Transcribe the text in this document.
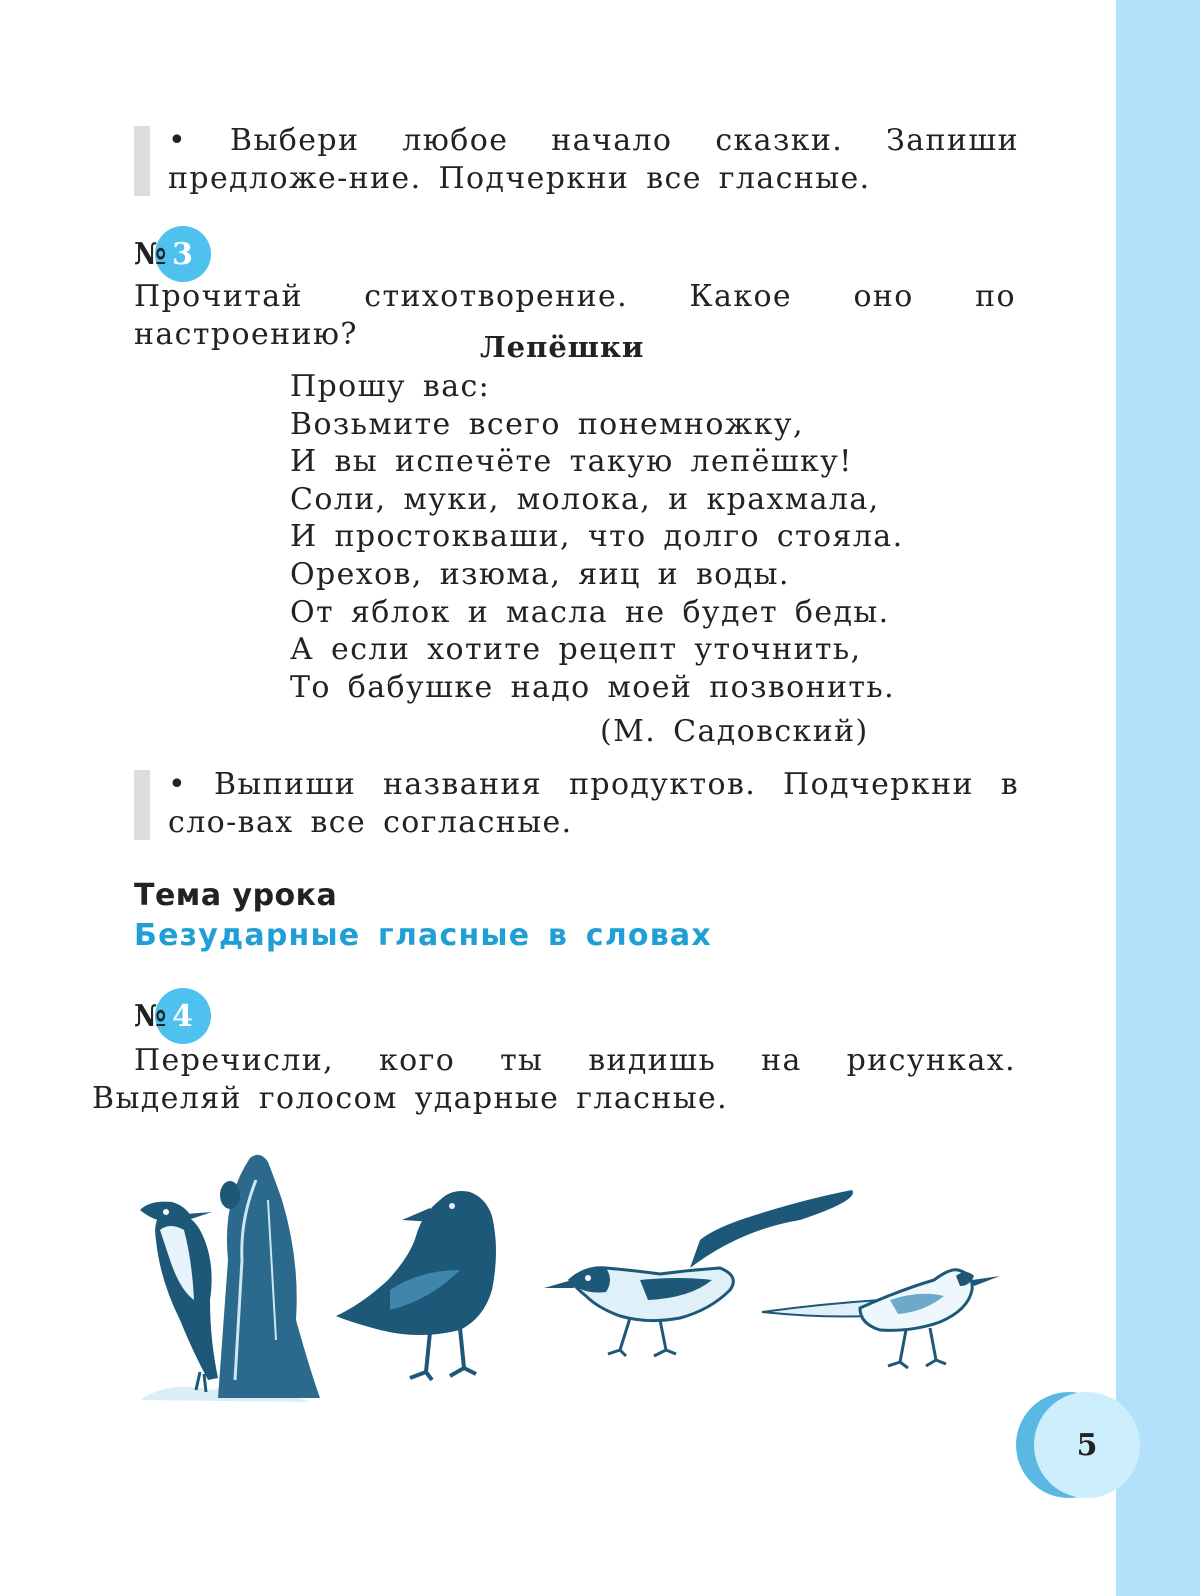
• Выбери любое начало сказки. Запиши предложе-ние. Подчеркни все гласные.
№ 3
Прочитай стихотворение. Какое оно по настроению?	Лепёшки
Прошу вас:
Возьмите всего понемножку,
И вы испечёте такую лепёшку!
Соли, муки, молока, и крахмала,
И простокваши, что долго стояла.
Орехов, изюма, яиц и воды.
От яблок и масла не будет беды.
А если хотите рецепт уточнить,
То бабушке надо моей позвонить.
(М. Садовский)
• Выпиши названия продуктов. Подчеркни в сло-вах все согласные.
Тема урока
Безударные гласные в словах
№ 4
Перечисли, кого ты видишь на рисунках. Выделяй голосом ударные гласные.
5
